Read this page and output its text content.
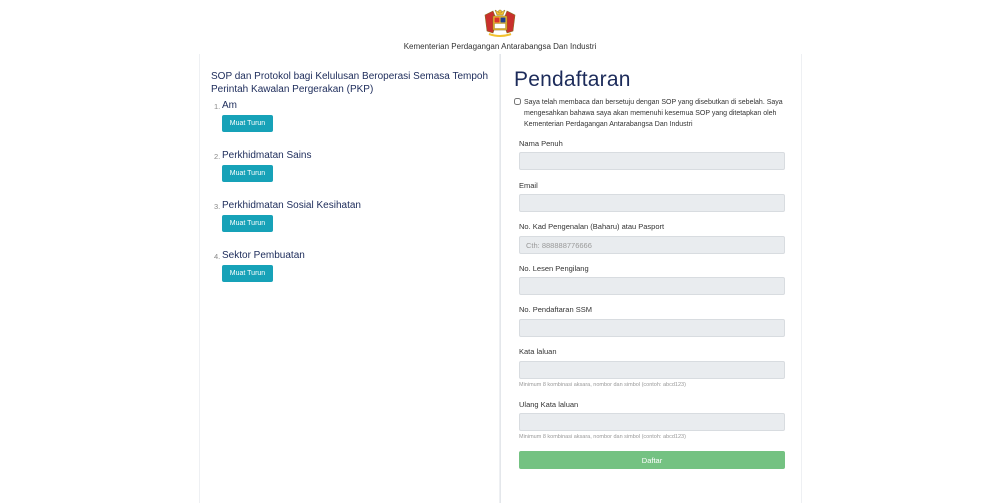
Kementerian Perdagangan Antarabangsa Dan Industri
SOP dan Protokol bagi Kelulusan Beroperasi Semasa Tempoh Perintah Kawalan Pergerakan (PKP)
1. Am
Muat Turun
2. Perkhidmatan Sains
Muat Turun
3. Perkhidmatan Sosial Kesihatan
Muat Turun
4. Sektor Pembuatan
Muat Turun
Pendaftaran
Saya telah membaca dan bersetuju dengan SOP yang disebutkan di sebelah. Saya mengesahkan bahawa saya akan memenuhi kesemua SOP yang ditetapkan oleh Kementerian Perdagangan Antarabangsa Dan Industri
Nama Penuh
Email
No. Kad Pengenalan (Baharu) atau Pasport
Cth: 888888776666
No. Lesen Pengilang
No. Pendaftaran SSM
Kata laluan
Minimum 8 kombinasi aksara, nombor dan simbol (contoh: abcd123)
Ulang Kata laluan
Minimum 8 kombinasi aksara, nombor dan simbol (contoh: abcd123)
Daftar
